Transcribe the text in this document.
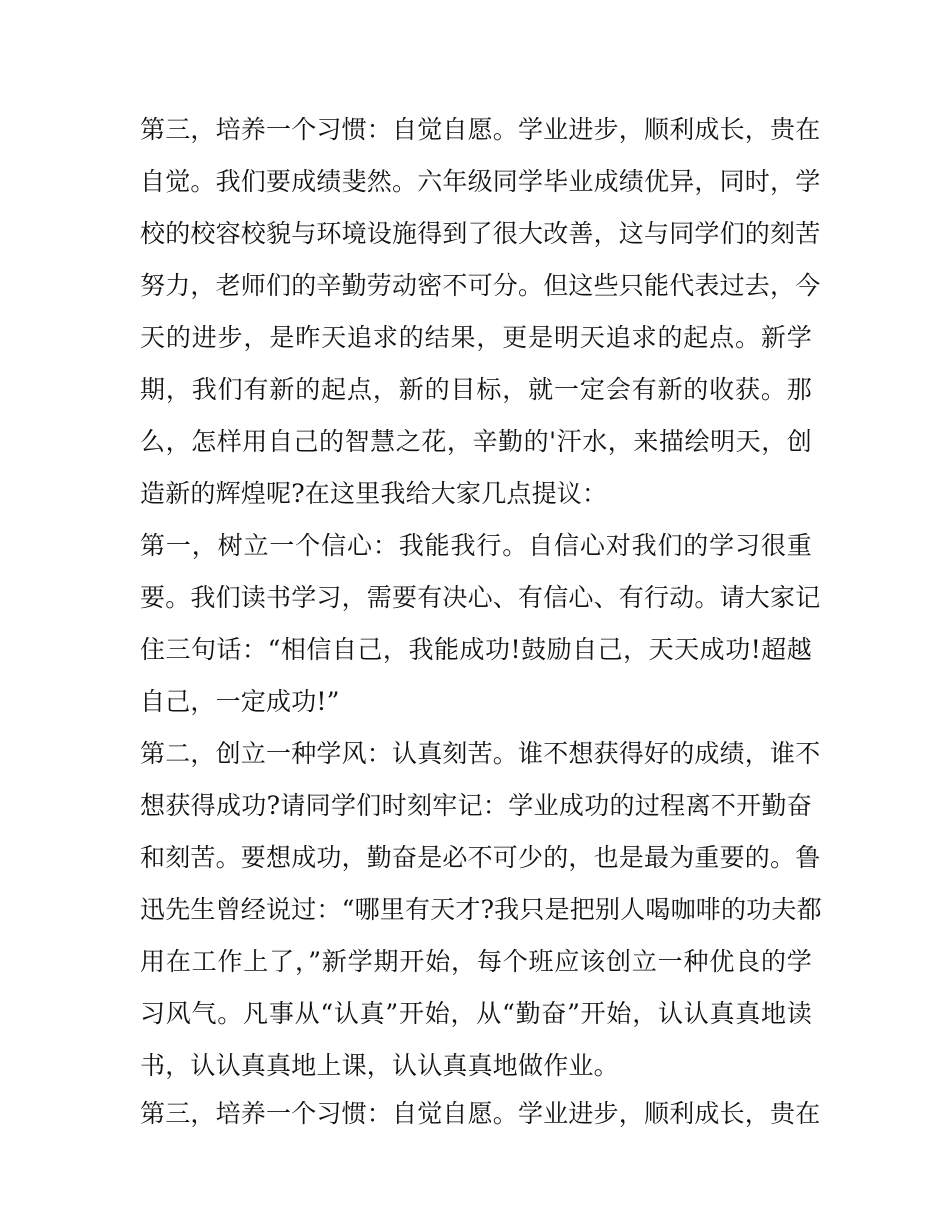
第三，培养一个习惯：自觉自愿。学业进步，顺利成长，贵在
自觉。我们要成绩斐然。六年级同学毕业成绩优异，同时，学
校的校容校貌与环境设施得到了很大改善，这与同学们的刻苦
努力，老师们的辛勤劳动密不可分。但这些只能代表过去，今
天的进步，是昨天追求的结果，更是明天追求的起点。新学
期，我们有新的起点，新的目标，就一定会有新的收获。那
么，怎样用自己的智慧之花，辛勤的'汗水，来描绘明天，创
造新的辉煌呢?在这里我给大家几点提议：
第一，树立一个信心：我能我行。自信心对我们的学习很重
要。我们读书学习，需要有决心、有信心、有行动。请大家记
住三句话：“相信自己，我能成功!鼓励自己，天天成功!超越
自己，一定成功!”
第二，创立一种学风：认真刻苦。谁不想获得好的成绩，谁不
想获得成功?请同学们时刻牢记：学业成功的过程离不开勤奋
和刻苦。要想成功，勤奋是必不可少的，也是最为重要的。鲁
迅先生曾经说过：“哪里有天才?我只是把别人喝咖啡的功夫都
用在工作上了，”新学期开始，每个班应该创立一种优良的学
习风气。凡事从“认真”开始，从“勤奋”开始，认认真真地读
书，认认真真地上课，认认真真地做作业。
第三，培养一个习惯：自觉自愿。学业进步，顺利成长，贵在
